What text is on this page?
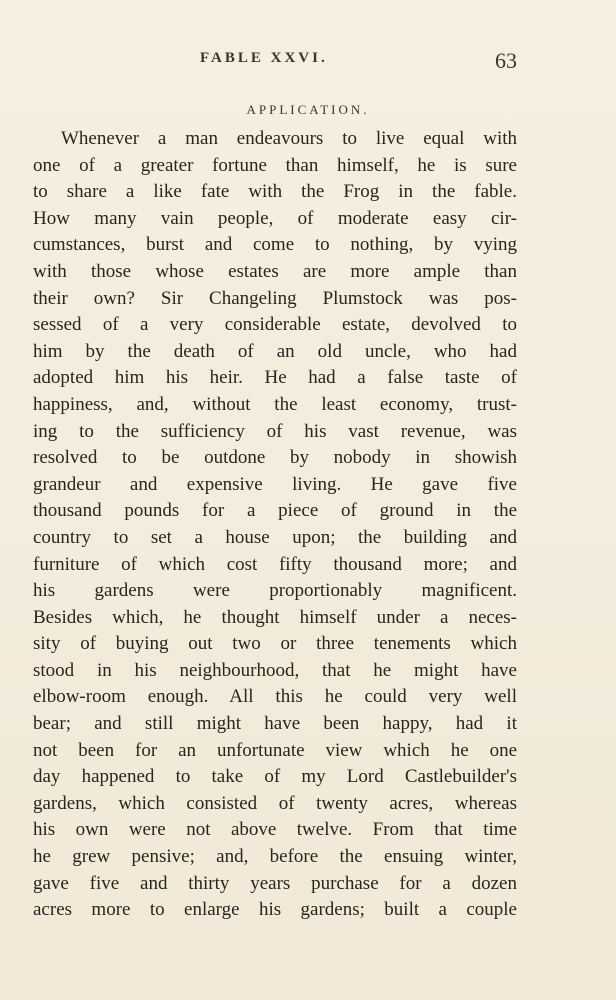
FABLE XXVI.	63
APPLICATION.
Whenever a man endeavours to live equal with
one of a greater fortune than himself, he is sure
to share a like fate with the Frog in the fable.
How many vain people, of moderate easy cir-
cumstances, burst and come to nothing, by vying
with those whose estates are more ample than
their own? Sir Changeling Plumstock was pos-
sessed of a very considerable estate, devolved to
him by the death of an old uncle, who had
adopted him his heir. He had a false taste of
happiness, and, without the least economy, trust-
ing to the sufficiency of his vast revenue, was
resolved to be outdone by nobody in showish
grandeur and expensive living. He gave five
thousand pounds for a piece of ground in the
country to set a house upon; the building and
furniture of which cost fifty thousand more; and
his gardens were proportionably magnificent.
Besides which, he thought himself under a neces-
sity of buying out two or three tenements which
stood in his neighbourhood, that he might have
elbow-room enough. All this he could very well
bear; and still might have been happy, had it
not been for an unfortunate view which he one
day happened to take of my Lord Castlebuilder's
gardens, which consisted of twenty acres, whereas
his own were not above twelve. From that time
he grew pensive; and, before the ensuing winter,
gave five and thirty years purchase for a dozen
acres more to enlarge his gardens; built a couple
